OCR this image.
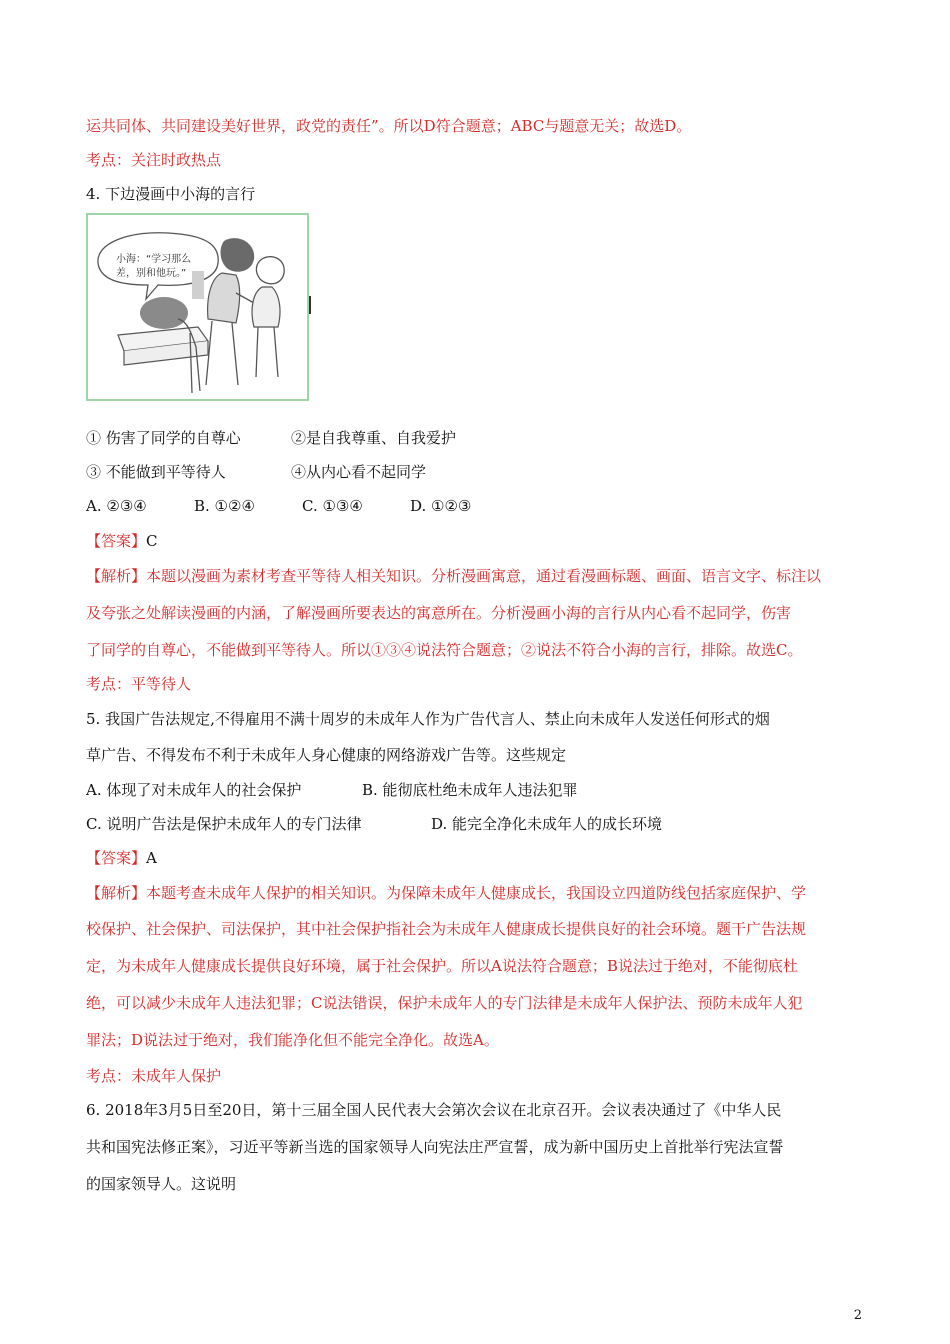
运共同体、共同建设美好世界，政党的责任”。所以D符合题意；ABC与题意无关；故选D。
考点：关注时政热点
4. 下边漫画中小海的言行
小海：“学习那么
差，别和他玩。”
① 伤害了同学的自尊心	②是自我尊重、自我爱护
③ 不能做到平等待人	④从内心看不起同学
A. ②③④	B. ①②④	C. ①③④	D. ①②③
【答案】C
【解析】本题以漫画为素材考查平等待人相关知识。分析漫画寓意，通过看漫画标题、画面、语言文字、标注以
及夸张之处解读漫画的内涵，了解漫画所要表达的寓意所在。分析漫画小海的言行从内心看不起同学，伤害
了同学的自尊心，不能做到平等待人。所以①③④说法符合题意；②说法不符合小海的言行，排除。故选C。
考点：平等待人
5. 我国广告法规定,不得雇用不满十周岁的未成年人作为广告代言人、禁止向未成年人发送任何形式的烟
草广告、不得发布不利于未成年人身心健康的网络游戏广告等。这些规定
A. 体现了对未成年人的社会保护	B. 能彻底杜绝未成年人违法犯罪
C. 说明广告法是保护未成年人的专门法律	D. 能完全净化未成年人的成长环境
【答案】A
【解析】本题考查未成年人保护的相关知识。为保障未成年人健康成长，我国设立四道防线包括家庭保护、学
校保护、社会保护、司法保护，其中社会保护指社会为未成年人健康成长提供良好的社会环境。题干广告法规
定，为未成年人健康成长提供良好环境，属于社会保护。所以A说法符合题意；B说法过于绝对，不能彻底杜
绝，可以减少未成年人违法犯罪；C说法错误，保护未成年人的专门法律是未成年人保护法、预防未成年人犯
罪法；D说法过于绝对，我们能净化但不能完全净化。故选A。
考点：未成年人保护
6. 2018年3月5日至20日，第十三届全国人民代表大会第次会议在北京召开。会议表决通过了《中华人民
共和国宪法修正案》，习近平等新当选的国家领导人向宪法庄严宣誓，成为新中国历史上首批举行宪法宣誓
的国家领导人。这说明
2
